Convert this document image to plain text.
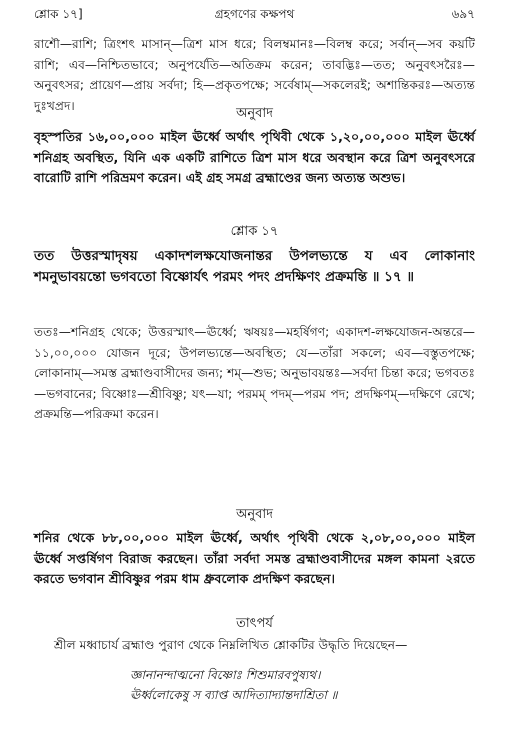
শ্লোক ১৭]	গ্রহগণের কক্ষপথ	৬৯৭
রাশৌ—রাশি; ত্রিংশৎ মাসান্—ত্রিশ মাস ধরে; বিলম্বমানঃ—বিলম্ব করে; সর্বান্—সব কয়টি রাশি; এব—নিশ্চিতভাবে; অনুপর্যেতি—অতিক্রম করেন; তাবদ্ভিঃ—তত; অনুবৎসরৈঃ—অনুবৎসর; প্রায়েণ—প্রায় সর্বদা; হি—প্রকৃতপক্ষে; সর্বেষাম্—সকলেরই; অশান্তিকরঃ—অত্যন্ত দুঃখপ্রদ।
অনুবাদ
বৃহস্পতির ১৬,০০,০০০ মাইল ঊর্ধ্বে অর্থাৎ পৃথিবী থেকে ১,২০,০০,০০০ মাইল ঊর্ধ্বে শনিগ্রহ অবস্থিত, যিনি এক একটি রাশিতে ত্রিশ মাস ধরে অবস্থান করে ত্রিশ অনুবৎসরে বারোটি রাশি পরিভ্রমণ করেন। এই গ্রহ সমগ্র ব্রহ্মাণ্ডের জন্য অত্যন্ত অশুভ।
শ্লোক ১৭
তত উত্তরস্মাদৃষয় একাদশলক্ষযোজনান্তর উপলভ্যন্তে য এব লোকানাং শমনুভাবয়ন্তো ভগবতো বিষ্ণোর্যৎ পরমং পদং প্রদক্ষিণং প্রক্রমন্তি ॥ ১৭ ॥
ততঃ—শনিগ্রহ থেকে; উত্তরস্মাৎ—ঊর্ধ্বে; ঋষয়ঃ—মহর্ষিগণ; একাদশ-লক্ষযোজন-অন্তরে—১১,০০,০০০ যোজন দূরে; উপলভ্যন্তে—অবস্থিত; যে—তাঁরা সকলে; এব—বস্তুতপক্ষে; লোকানাম্—সমস্ত ব্রহ্মাণ্ডবাসীদের জন্য; শম্—শুভ; অনুভাবয়ন্তঃ—সর্বদা চিন্তা করে; ভগবতঃ—ভগবানের; বিষ্ণোঃ—শ্রীবিষ্ণু; যৎ—যা; পরমম্ পদম্—পরম পদ; প্রদক্ষিণম্—দক্ষিণে রেখে; প্রক্রমন্তি—পরিক্রমা করেন।
অনুবাদ
শনির থেকে ৮৮,০০,০০০ মাইল ঊর্ধ্বে, অর্থাৎ পৃথিবী থেকে ২,০৮,০০,০০০ মাইল ঊর্ধ্বে সপ্তর্ষিগণ বিরাজ করছেন। তাঁরা সর্বদা সমস্ত ব্রহ্মাণ্ডবাসীদের মঙ্গল কামনা ২রতে করতে ভগবান শ্রীবিষ্ণুর পরম ধাম ধ্রুবলোক প্রদক্ষিণ করছেন।
তাৎপর্য
শ্রীল মধ্বাচার্য ব্রহ্মাণ্ড পুরাণ থেকে নিম্নলিখিত শ্লোকটির উদ্ধৃতি দিয়েছেন—
জ্ঞানানন্দাত্মনো বিষ্ণোঃ শিশুমারবপুষ্যথ।
ঊর্ধ্বলোকেষু স ব্যাপ্ত আদিত্যাদ্যান্তদাশ্রিতা ॥
